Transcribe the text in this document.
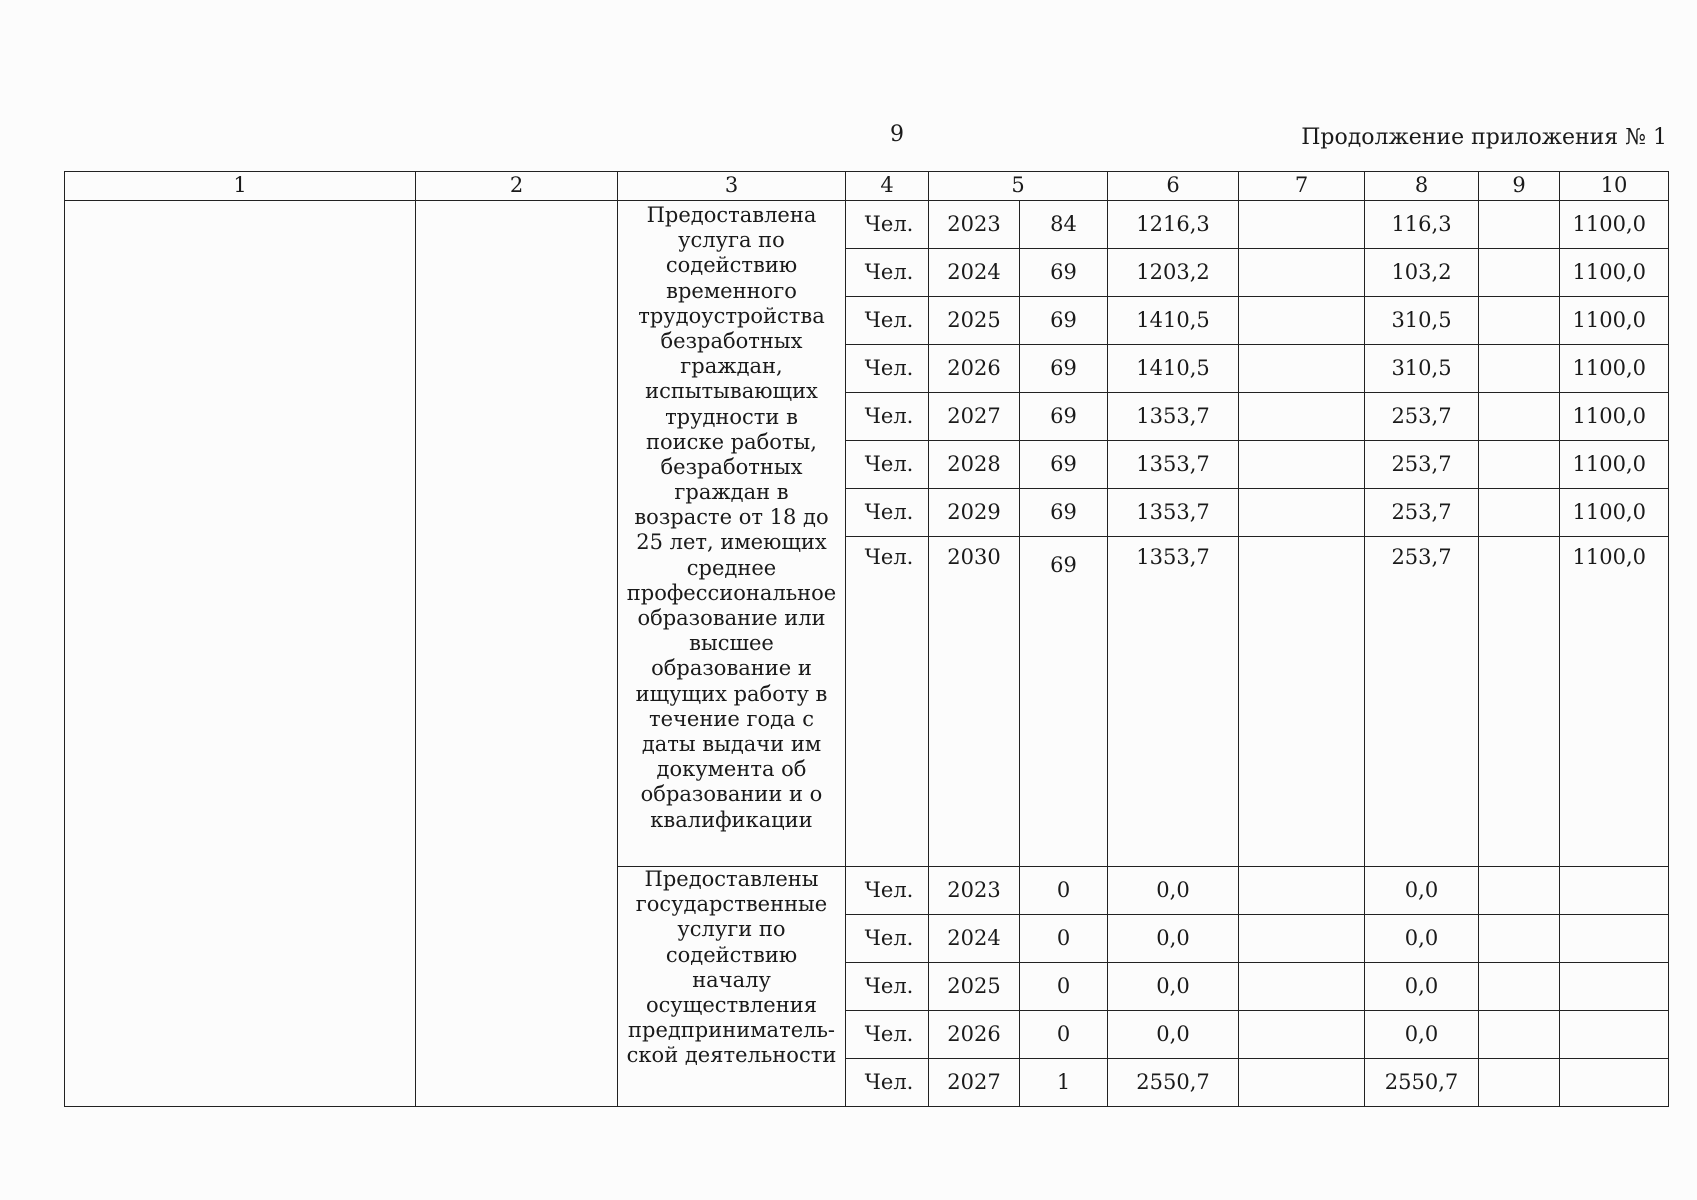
9	Продолжение приложения № 1
1	2	3	4	5		6	7	8	9	10
		Предоставлена услуга по содействию временного трудоустройства безработных граждан, испытывающих трудности в поиске работы, безработных граждан в возрасте от 18 до 25 лет, имеющих среднее профессиональное образование или высшее образование и ищущих работу в течение года с даты выдачи им документа об образовании и о квалификации	Чел.	2023	84	1216,3		116,3		1100,0
			Чел.	2024	69	1203,2		103,2		1100,0
			Чел.	2025	69	1410,5		310,5		1100,0
			Чел.	2026	69	1410,5		310,5		1100,0
			Чел.	2027	69	1353,7		253,7		1100,0
			Чел.	2028	69	1353,7		253,7		1100,0
			Чел.	2029	69	1353,7		253,7		1100,0
			Чел.	2030	69	1353,7		253,7		1100,0
		Предоставлены государственные услуги по содействию началу осуществления предприниматель-ской деятельности	Чел.	2023	0	0,0		0,0		
			Чел.	2024	0	0,0		0,0		
			Чел.	2025	0	0,0		0,0		
			Чел.	2026	0	0,0		0,0		
			Чел.	2027	1	2550,7		2550,7		
